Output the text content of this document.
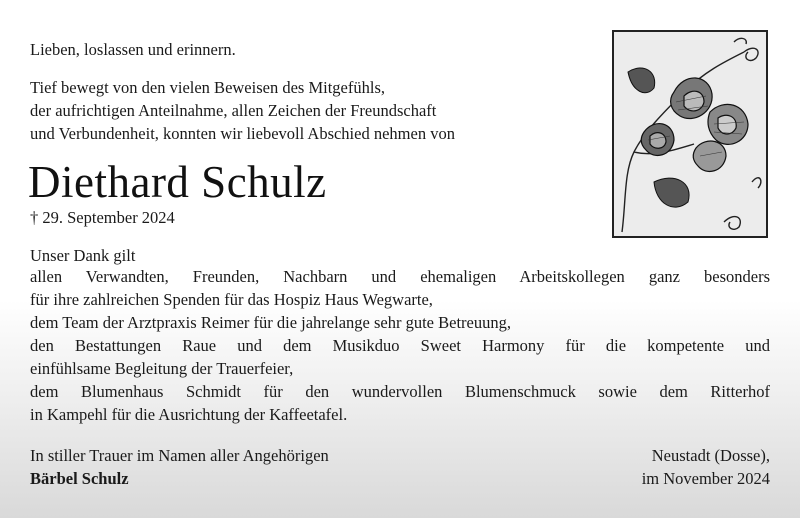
Lieben, loslassen und erinnern.
Tief bewegt von den vielen Beweisen des Mitgefühls,
der aufrichtigen Anteilnahme, allen Zeichen der Freundschaft
und Verbundenheit, konnten wir liebevoll Abschied nehmen von
Diethard Schulz
† 29. September 2024
Unser Dank gilt
allen Verwandten, Freunden, Nachbarn und ehemaligen Arbeitskollegen ganz besonders
für ihre zahlreichen Spenden für das Hospiz Haus Wegwarte,
dem Team der Arztpraxis Reimer für die jahrelange sehr gute Betreuung,
den Bestattungen Raue und dem Musikduo Sweet Harmony für die kompetente und
einfühlsame Begleitung der Trauerfeier,
dem Blumenhaus Schmidt für den wundervollen Blumenschmuck sowie dem Ritterhof
in Kampehl für die Ausrichtung der Kaffeetafel.
In stiller Trauer im Namen aller Angehörigen
Bärbel Schulz
Neustadt (Dosse),
im November 2024
